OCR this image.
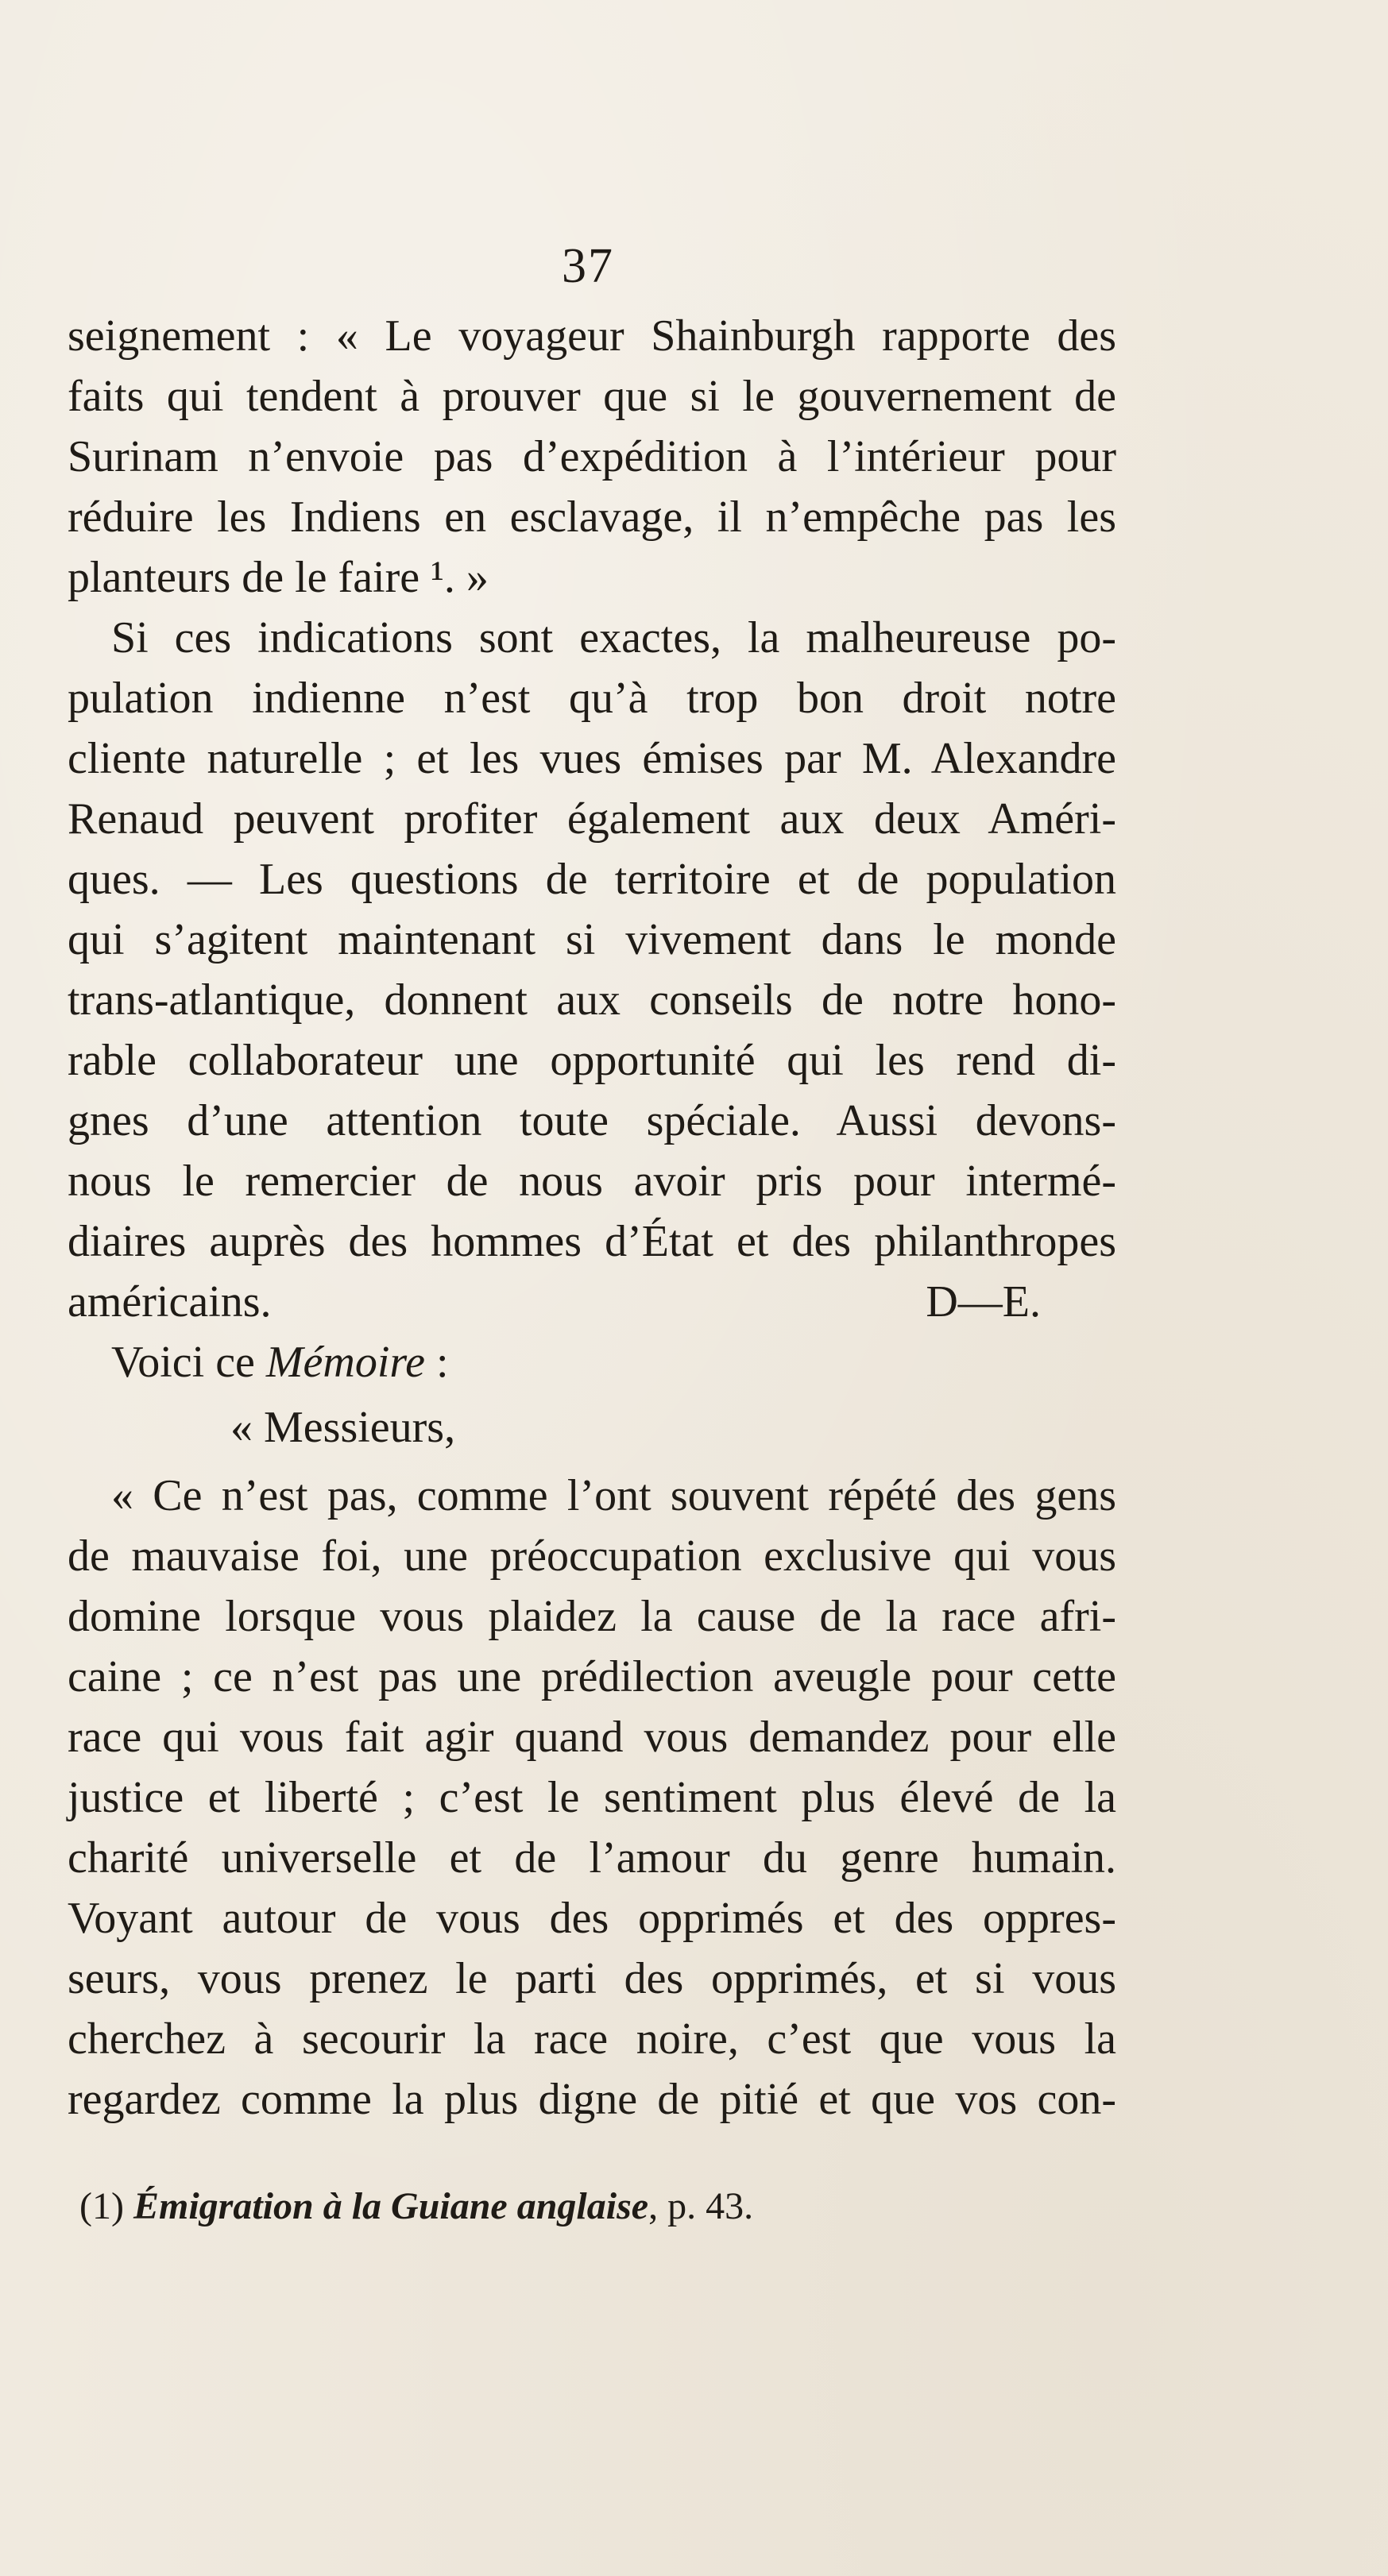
37
seignement : « Le voyageur Shainburgh rapporte des
faits qui tendent à prouver que si le gouvernement de
Surinam n’envoie pas d’expédition à l’intérieur pour
réduire les Indiens en esclavage, il n’empêche pas les
planteurs de le faire ¹. »
Si ces indications sont exactes, la malheureuse po-
pulation indienne n’est qu’à trop bon droit notre
cliente naturelle ; et les vues émises par M. Alexandre
Renaud peuvent profiter également aux deux Améri-
ques. — Les questions de territoire et de population
qui s’agitent maintenant si vivement dans le monde
trans-atlantique, donnent aux conseils de notre hono-
rable collaborateur une opportunité qui les rend di-
gnes d’une attention toute spéciale. Aussi devons-
nous le remercier de nous avoir pris pour intermé-
diaires auprès des hommes d’État et des philanthropes
américains.	D—E.
Voici ce Mémoire :
« Messieurs,
« Ce n’est pas, comme l’ont souvent répété des gens
de mauvaise foi, une préoccupation exclusive qui vous
domine lorsque vous plaidez la cause de la race afri-
caine ; ce n’est pas une prédilection aveugle pour cette
race qui vous fait agir quand vous demandez pour elle
justice et liberté ; c’est le sentiment plus élevé de la
charité universelle et de l’amour du genre humain.
Voyant autour de vous des opprimés et des oppres-
seurs, vous prenez le parti des opprimés, et si vous
cherchez à secourir la race noire, c’est que vous la
regardez comme la plus digne de pitié et que vos con-
(1) Émigration à la Guiane anglaise, p. 43.
